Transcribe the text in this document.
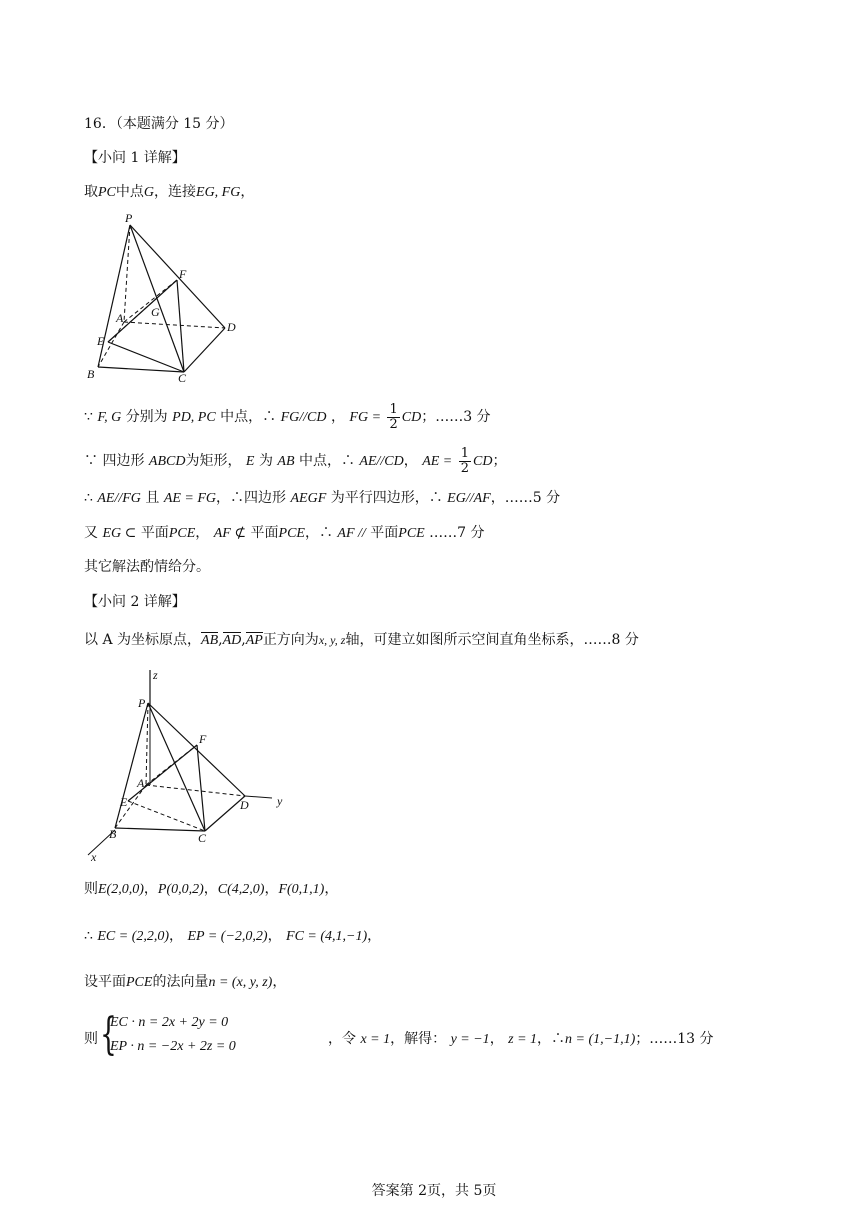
16．（本题满分 15 分）
【小问 1 详解】
取PC中点G，连接EG, FG，
P
F
A G
D
E
B	C
∵ F, G 分别为 PD, PC 中点，∴ FG//CD ， FG = $\frac{1}{2}$ CD；……3 分
∵ 四边形 ABCD为矩形， E 为 AB 中点，∴ AE//CD， AE = $\frac{1}{2}$ CD；
∴ AE//FG 且 AE = FG，∴四边形 AEGF 为平行四边形，∴ EG//AF，……5 分
又 EG ⊂ 平面PCE， AF ⊄ 平面PCE，∴ AF // 平面PCE ……7 分
其它解法酌情给分。
【小问 2 详解】
以 A 为坐标原点，AB,AD,AP正方向为x, y, z轴，可建立如图所示空间直角坐标系，……8 分
z
P
F
A
E	D y
B	C
x
则E(2,0,0)，P(0,0,2)，C(4,2,0)，F(0,1,1)，
∴ EC = (2,2,0)， EP = (−2,0,2)， FC = (4,1,−1)，
设平面PCE的法向量n = (x, y, z)，
则 {
EC · n = 2x + 2y = 0
EP · n = −2x + 2z = 0	，令 x = 1，解得： y = −1， z = 1，∴n = (1,−1,1)；……13 分
答案第 2页，共 5页
